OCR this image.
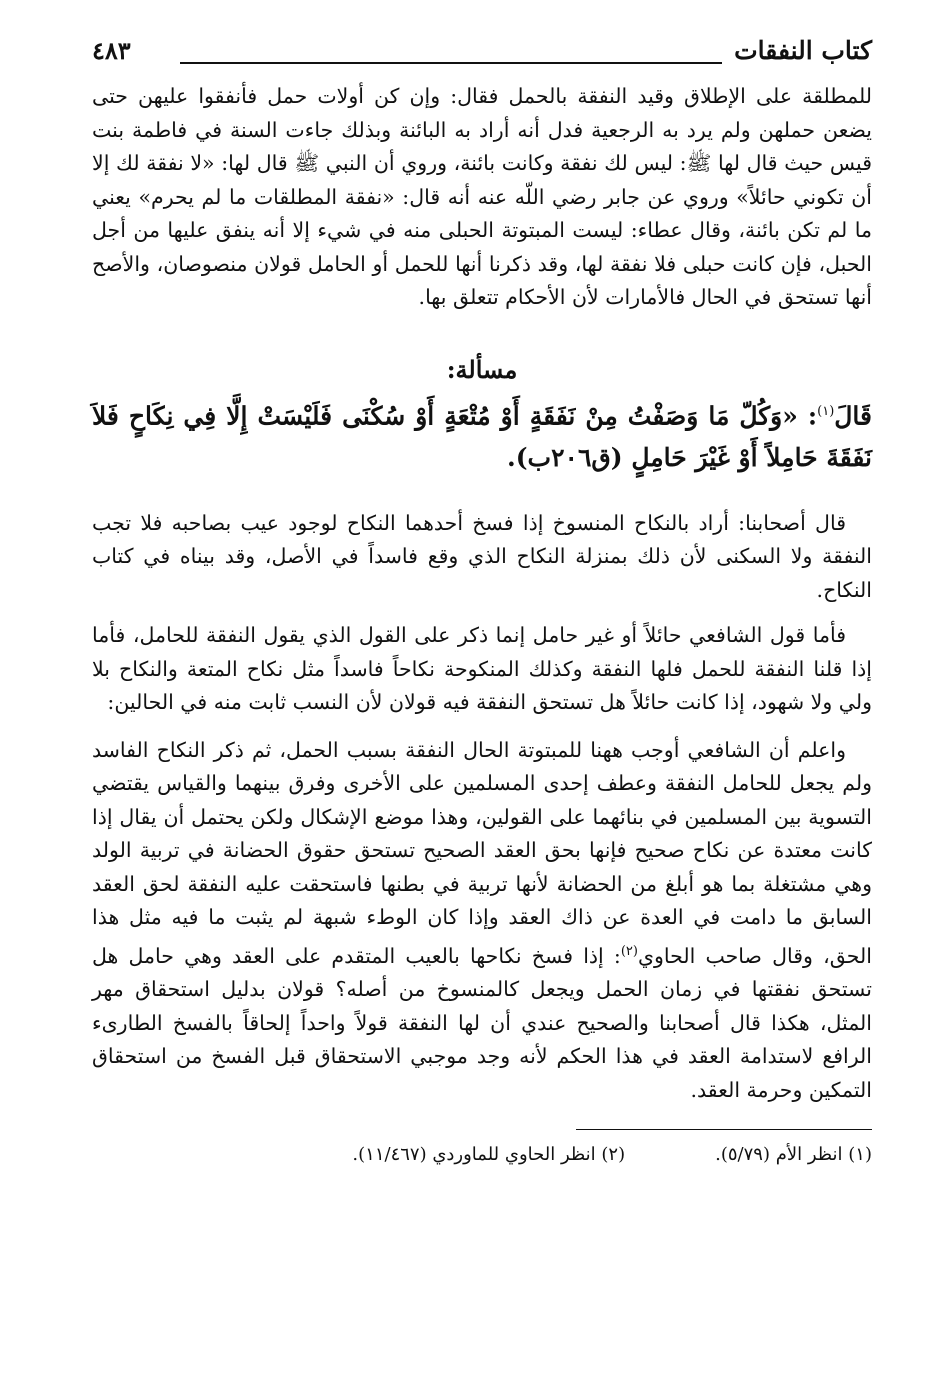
كتاب النفقات
٤٨٣

للمطلقة على الإطلاق وقيد النفقة بالحمل فقال: وإن كن أولات حمل فأنفقوا عليهن حتى يضعن حملهن ولم يرد به الرجعية فدل أنه أراد به البائنة وبذلك جاءت السنة في فاطمة بنت قيس حيث قال لها ﷺ: ليس لك نفقة وكانت بائنة، وروي أن النبي ﷺ قال لها: «لا نفقة لك إلا أن تكوني حائلاً» وروي عن جابر رضي اللّه عنه أنه قال: «نفقة المطلقات ما لم يحرم» يعني ما لم تكن بائنة، وقال عطاء: ليست المبتوتة الحبلى منه في شيء إلا أنه ينفق عليها من أجل الحبل، فإن كانت حبلى فلا نفقة لها، وقد ذكرنا أنها للحمل أو الحامل قولان منصوصان، والأصح أنها تستحق في الحال فالأمارات لأن الأحكام تتعلق بها.

مسألة:
قَالَ$^{(١)}$: «وَكُلّ مَا وَصَفْتُ مِنْ نَفَقَةٍ أَوْ مُتْعَةٍ أَوْ سُكْنَى فَلَيْسَتْ إِلَّا فِي نِكَاحٍ فَلاَ نَفَقَةَ حَامِلاً أَوْ غَيْرَ حَامِلٍ (ق٢٠٦ب).

قال أصحابنا: أراد بالنكاح المنسوخ إذا فسخ أحدهما النكاح لوجود عيب بصاحبه فلا تجب النفقة ولا السكنى لأن ذلك بمنزلة النكاح الذي وقع فاسداً في الأصل، وقد بيناه في كتاب النكاح.

فأما قول الشافعي حائلاً أو غير حامل إنما ذكر على القول الذي يقول النفقة للحامل، فأما إذا قلنا النفقة للحمل فلها النفقة وكذلك المنكوحة نكاحاً فاسداً مثل نكاح المتعة والنكاح بلا ولي ولا شهود، إذا كانت حائلاً هل تستحق النفقة فيه قولان لأن النسب ثابت منه في الحالين:

واعلم أن الشافعي أوجب ههنا للمبتوتة الحال النفقة بسبب الحمل، ثم ذكر النكاح الفاسد ولم يجعل للحامل النفقة وعطف إحدى المسلمين على الأخرى وفرق بينهما والقياس يقتضي التسوية بين المسلمين في بنائهما على القولين، وهذا موضع الإشكال ولكن يحتمل أن يقال إذا كانت معتدة عن نكاح صحيح فإنها بحق العقد الصحيح تستحق حقوق الحضانة في تربية الولد وهي مشتغلة بما هو أبلغ من الحضانة لأنها تربية في بطنها فاستحقت عليه النفقة لحق العقد السابق ما دامت في العدة عن ذاك العقد وإذا كان الوطء شبهة لم يثبت ما فيه مثل هذا الحق، وقال صاحب الحاوي$^{(٢)}$: إذا فسخ نكاحها بالعيب المتقدم على العقد وهي حامل هل تستحق نفقتها في زمان الحمل ويجعل كالمنسوخ من أصله؟ قولان بدليل استحقاق مهر المثل، هكذا قال أصحابنا والصحيح عندي أن لها النفقة قولاً واحداً إلحاقاً بالفسخ الطارىء الرافع لاستدامة العقد في هذا الحكم لأنه وجد موجبي الاستحقاق قبل الفسخ من استحقاق التمكين وحرمة العقد.

(١) انظر الأم (٥/٧٩).
(٢) انظر الحاوي للماوردي (١١/٤٦٧).
